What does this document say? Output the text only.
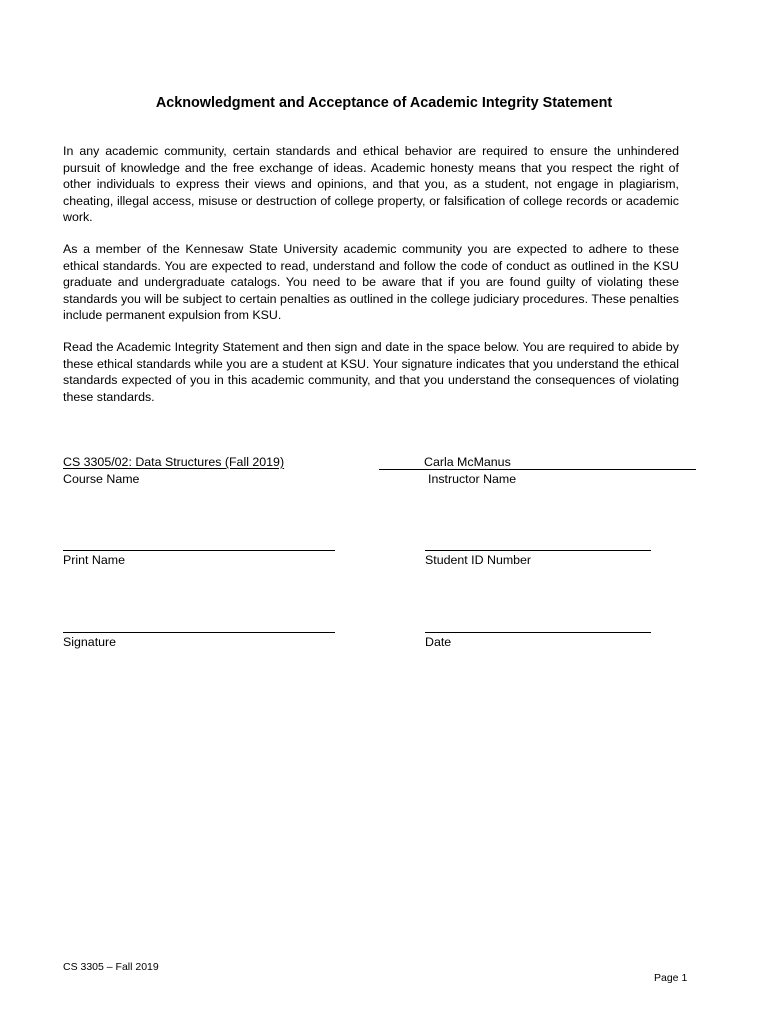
Acknowledgment and Acceptance of Academic Integrity Statement

In any academic community, certain standards and ethical behavior are required to ensure the unhindered pursuit of knowledge and the free exchange of ideas. Academic honesty means that you respect the right of other individuals to express their views and opinions, and that you, as a student, not engage in plagiarism, cheating, illegal access, misuse or destruction of college property, or falsification of college records or academic work.

As a member of the Kennesaw State University academic community you are expected to adhere to these ethical standards. You are expected to read, understand and follow the code of conduct as outlined in the KSU graduate and undergraduate catalogs. You need to be aware that if you are found guilty of violating these standards you will be subject to certain penalties as outlined in the college judiciary procedures. These penalties include permanent expulsion from KSU.

Read the Academic Integrity Statement and then sign and date in the space below. You are required to abide by these ethical standards while you are a student at KSU. Your signature indicates that you understand the ethical standards expected of you in this academic community, and that you understand the consequences of violating these standards.

CS 3305/02: Data Structures (Fall 2019)
Course Name
Carla McManus
Instructor Name
Print Name	Student ID Number
Signature	Date
CS 3305 – Fall 2019
Page 1
